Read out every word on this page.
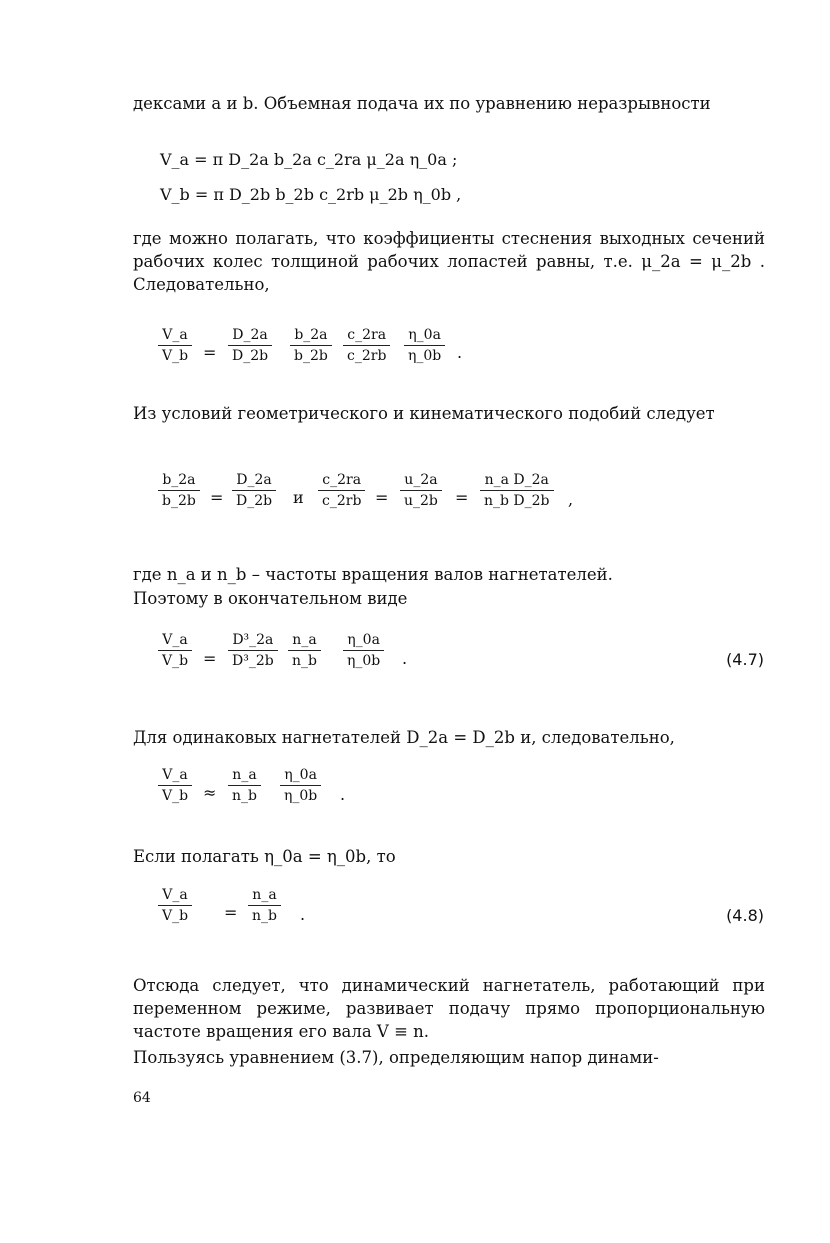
дексами a и b. Объемная подача их по уравнению неразрывности
V_a = π D_2a b_2a c_2ra μ_2a η_0a ;
V_b = π D_2b b_2b c_2rb μ_2b η_0b ,
где можно полагать, что коэффициенты стеснения выходных сечений рабочих колес толщиной рабочих лопастей равны, т.е. μ_2a = μ_2b . Следовательно,
V_a
V_b =
D_2a
D_2b
b_2a
b_2b
c_2ra
c_2rb
η_0a
η_0b .
Из условий геометрического и кинематического подобий следует
b_2a
b_2b =
D_2a
D_2b и
c_2ra
c_2rb =
u_2a
u_2b =
n_a D_2a
n_b D_2b ,
где n_a и n_b – частоты вращения валов нагнетателей.
Поэтому в окончательном виде
V_a
V_b =
D³_2a
D³_2b
n_a
n_b
η_0a
η_0b .	(4.7)
Для одинаковых нагнетателей D_2a = D_2b и, следовательно,
V_a
V_b ≈
n_a
n_b
η_0a
η_0b .
Если полагать η_0a = η_0b, то
V_a
V_b =
n_a
n_b .	(4.8)
Отсюда следует, что динамический нагнетатель, работающий при переменном режиме, развивает подачу прямо пропорциональную частоте вращения его вала V ≡ n.
Пользуясь уравнением (3.7), определяющим напор динами-
64
